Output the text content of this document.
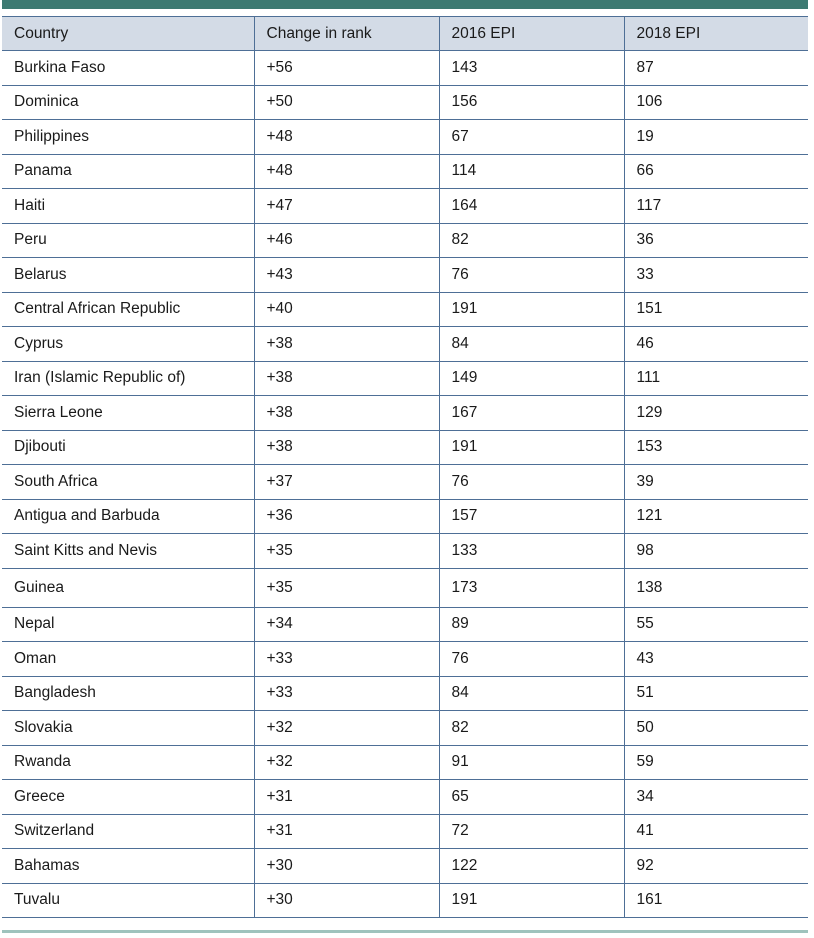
Country	Change in rank	2016 EPI	2018 EPI
Burkina Faso	+56	143	87
Dominica	+50	156	106
Philippines	+48	67	19
Panama	+48	114	66
Haiti	+47	164	117
Peru	+46	82	36
Belarus	+43	76	33
Central African Republic	+40	191	151
Cyprus	+38	84	46
Iran (Islamic Republic of)	+38	149	111
Sierra Leone	+38	167	129
Djibouti	+38	191	153
South Africa	+37	76	39
Antigua and Barbuda	+36	157	121
Saint Kitts and Nevis	+35	133	98
Guinea	+35	173	138
Nepal	+34	89	55
Oman	+33	76	43
Bangladesh	+33	84	51
Slovakia	+32	82	50
Rwanda	+32	91	59
Greece	+31	65	34
Switzerland	+31	72	41
Bahamas	+30	122	92
Tuvalu	+30	191	161
